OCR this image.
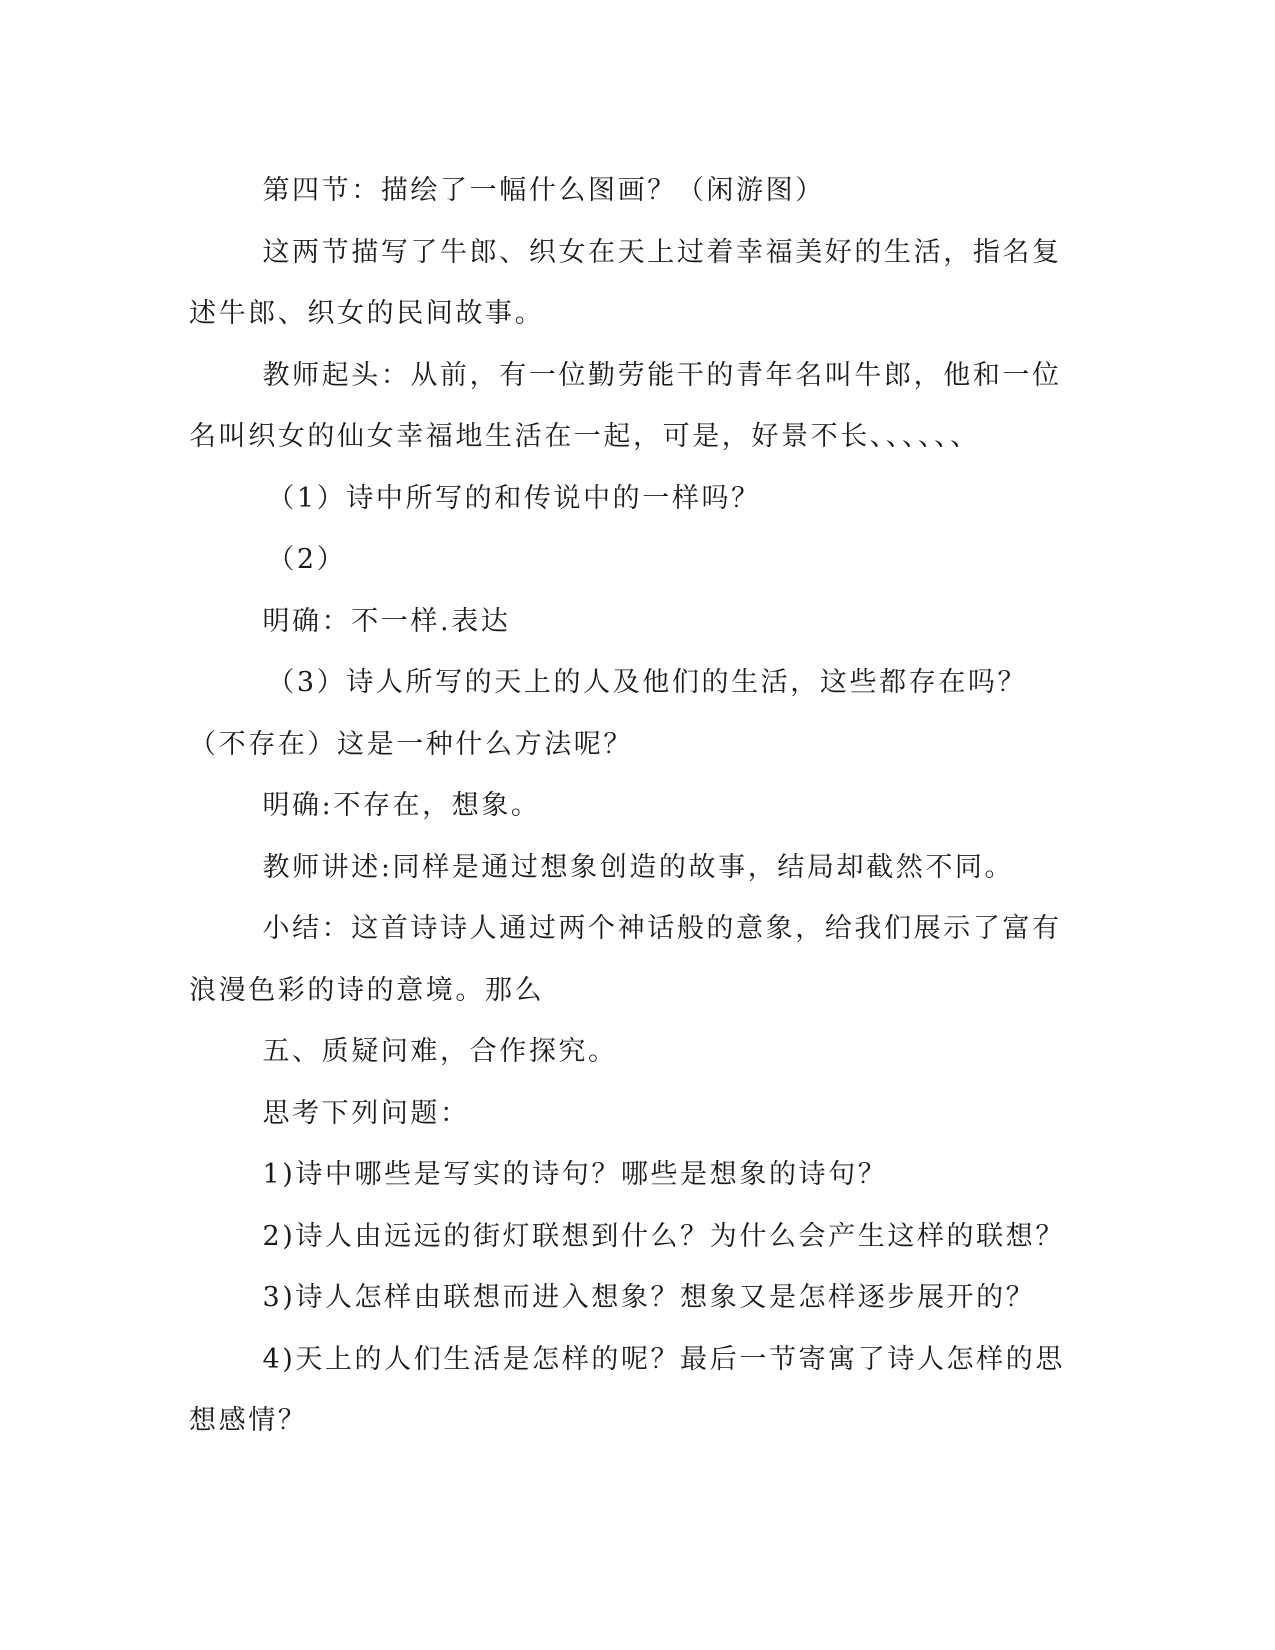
第四节：描绘了一幅什么图画？（闲游图）

这两节描写了牛郎、织女在天上过着幸福美好的生活，指名复述牛郎、织女的民间故事。

教师起头：从前，有一位勤劳能干的青年名叫牛郎，他和一位名叫织女的仙女幸福地生活在一起，可是，好景不长、、、、、、

（1）诗中所写的和传说中的一样吗？

（2）

明确：不一样.表达

（3）诗人所写的天上的人及他们的生活，这些都存在吗？（不存在）这是一种什么方法呢？

明确:不存在，想象。

教师讲述:同样是通过想象创造的故事，结局却截然不同。

小结：这首诗诗人通过两个神话般的意象，给我们展示了富有浪漫色彩的诗的意境。那么

五、质疑问难，合作探究。

思考下列问题：

1)诗中哪些是写实的诗句？哪些是想象的诗句？

2)诗人由远远的街灯联想到什么？为什么会产生这样的联想？

3)诗人怎样由联想而进入想象？想象又是怎样逐步展开的？

4)天上的人们生活是怎样的呢？最后一节寄寓了诗人怎样的思想感情？
